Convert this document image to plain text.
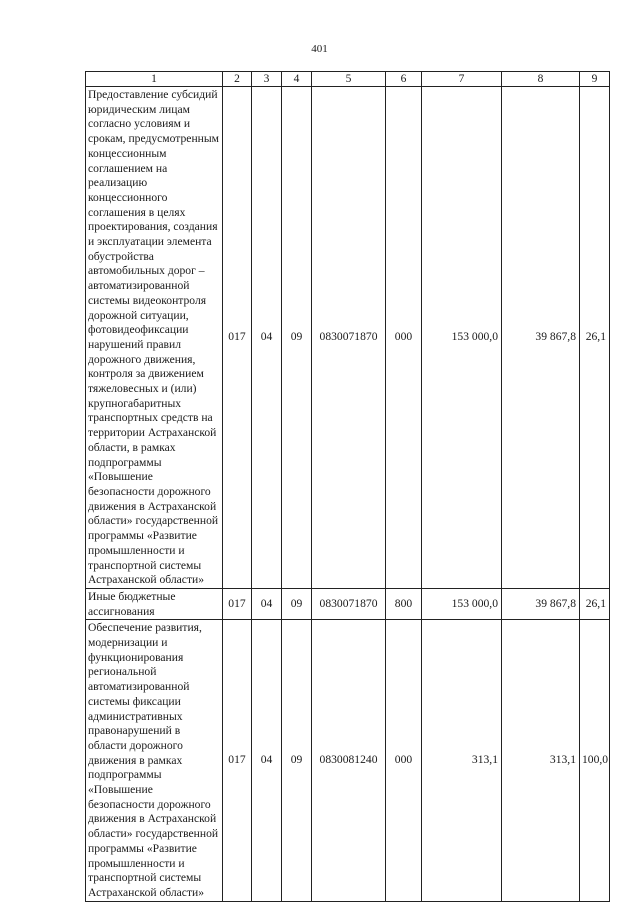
401
1	2	3	4	5	6	7	8	9
Предоставление субсидий юридическим лицам согласно условиям и срокам, предусмотренным концессионным соглашением на реализацию концессионного соглашения в целях проектирования, создания и эксплуатации элемента обустройства автомобильных дорог – автоматизированной системы видеоконтроля дорожной ситуации, фотовидеофиксации нарушений правил дорожного движения, контроля за движением тяжеловесных и (или) крупногабаритных транспортных средств на территории Астраханской области, в рамках подпрограммы «Повышение безопасности дорожного движения в Астраханской области» государственной программы «Развитие промышленности и транспортной системы Астраханской области»	017	04	09	0830071870	000	153 000,0	39 867,8	26,1
Иные бюджетные ассигнования	017	04	09	0830071870	800	153 000,0	39 867,8	26,1
Обеспечение развития, модернизации и функционирования региональной автоматизированной системы фиксации административных правонарушений в области дорожного движения в рамках подпрограммы «Повышение безопасности дорожного движения в Астраханской области» государственной программы «Развитие промышленности и транспортной системы Астраханской области»	017	04	09	0830081240	000	313,1	313,1	100,0
